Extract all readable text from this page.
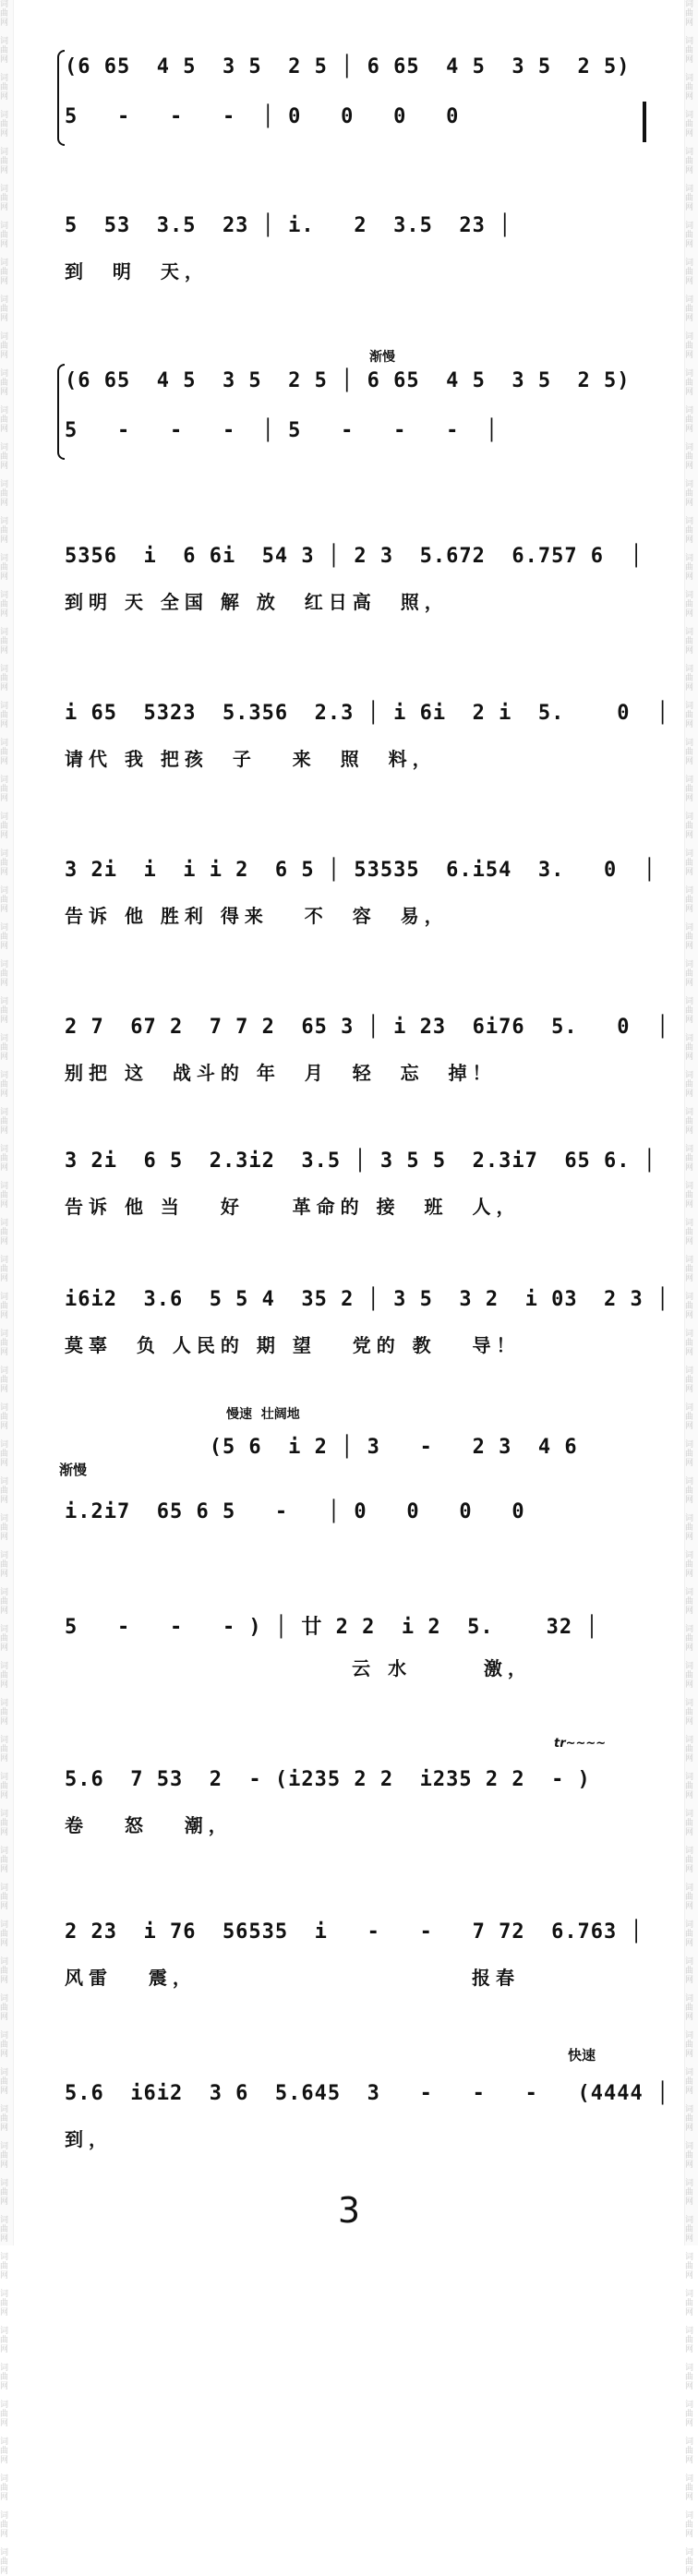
词
曲
网

词
曲
网

词
曲
网

词
曲
网

词
曲
网

词
曲
网

词
曲
网

词
曲
网

词
曲
网

词
曲
网

词
曲
网

词
曲
网

词
曲
网

词
曲
网

词
曲
网

词
曲
网

词
曲
网

词
曲
网

词
曲
网

词
曲
网

词
曲
网

词
曲
网

词
曲
网

词
曲
网

词
曲
网

词
曲
网

词
曲
网

词
曲
网

词
曲
网

词
曲
网

词
曲
网

词
曲
网

词
曲
网

词
曲
网

词
曲
网

词
曲
网

词
曲
网

词
曲
网

词
曲
网

词
曲
网

词
曲
网

词
曲
网

词
曲
网

词
曲
网

词
曲
网

词
曲
网

词
曲
网

词
曲
网

词
曲
网

词
曲
网

词
曲
网

词
曲
网

词
曲
网

词
曲
网

词
曲
网

词
曲
网

词
曲
网

词
曲
网

词
曲
网

词
曲
网

词
曲
网

词
曲
网

词
曲
网

词
曲
网

词
曲
网

词
曲
网

词
曲
网

词
曲
网

词
曲
网

词
曲
网

词
曲
网

词
曲
网

词
曲
网

词
曲
网

词
曲
网

词
曲
网

词
曲
网

词
曲
网

词
曲
网

词
曲
网

词
曲
网

词
曲
网

词
曲
网

词
曲
网

词
曲
网

词
曲
网

词
曲
网

词
曲
网

词
曲
网

词
曲
网

词
曲
网

词
曲
网

词
曲
网

词
曲
网

词
曲
网

词
曲
网

词
曲
网

词
曲
网

词
曲
网

词
曲
网

词
曲
网

词
曲
网

词
曲
网

词
曲
网

词
曲
网

词
曲
网

词
曲
网

词
曲
网

词
曲
网

词
曲
网

词
曲
网

词
曲
网

词
曲
网

词
曲
网

词
曲
网

词
曲
网

词
曲
网

词
曲
网

词
曲
网

词
曲
网

词
曲
网

词
曲
网

词
曲
网

词
曲
网

词
曲
网

词
曲
网

词
曲
网

词
曲
网

词
曲
网

词
曲
网

词
曲
网

词
曲
网

词
曲
网

词
曲
网

词
曲
网

词
曲
网

词
曲
网

词
曲
网

词
曲
网

词
曲
网

(6 65  4 5  3 5  2 5 │ 6 65  4 5  3 5  2 5)
5   -   -   -  │ 0   0   0   0
5  53  3.5  23 │ i.   2  3.5  23 │
到  明  天，
渐慢
(6 65  4 5  3 5  2 5 │ 6 65  4 5  3 5  2 5)
5   -   -   -  │ 5   -   -   -  │
5356  i  6 6i  54 3 │ 2 3  5.672  6.757 6  │
到明 天 全国 解 放  红日高  照，
i 65  5323  5.356  2.3 │ i 6i  2 i  5.    0  │
请代 我 把孩  子   来  照  料，
3 2i  i  i i 2  6 5 │ 53535  6.i54  3.   0  │
告诉 他 胜利 得来   不  容  易，
2 7  67 2  7 7 2  65 3 │ i 23  6i76  5.   0  │
别把 这  战斗的 年  月  轻  忘  掉！
3 2i  6 5  2.3i2  3.5 │ 3 5 5  2.3i7  65 6. │
告诉 他 当   好    革命的 接  班  人，
i6i2  3.6  5 5 4  35 2 │ 3 5  3 2  i 03  2 3 │
莫辜  负 人民的 期 望   党的 教   导！
渐慢
慢速  壮阔地
(5 6  i 2 │ 3   -   2 3  4 6
i.2i7  65 6 5   -   │ 0   0   0   0
5   -   -   - ) │ 廿 2 2  i 2  5.    32 │
云 水      激，
tr~~~~
5.6  7 53  2  - (i235 2 2  i235 2 2  - )
卷   怒   潮，
2 23  i 76  56535  i   -   -   7 72  6.763 │
风雷   震，                       报春
快速
5.6  i6i2  3 6  5.645  3   -   -   -   (4444 │
到，
3
